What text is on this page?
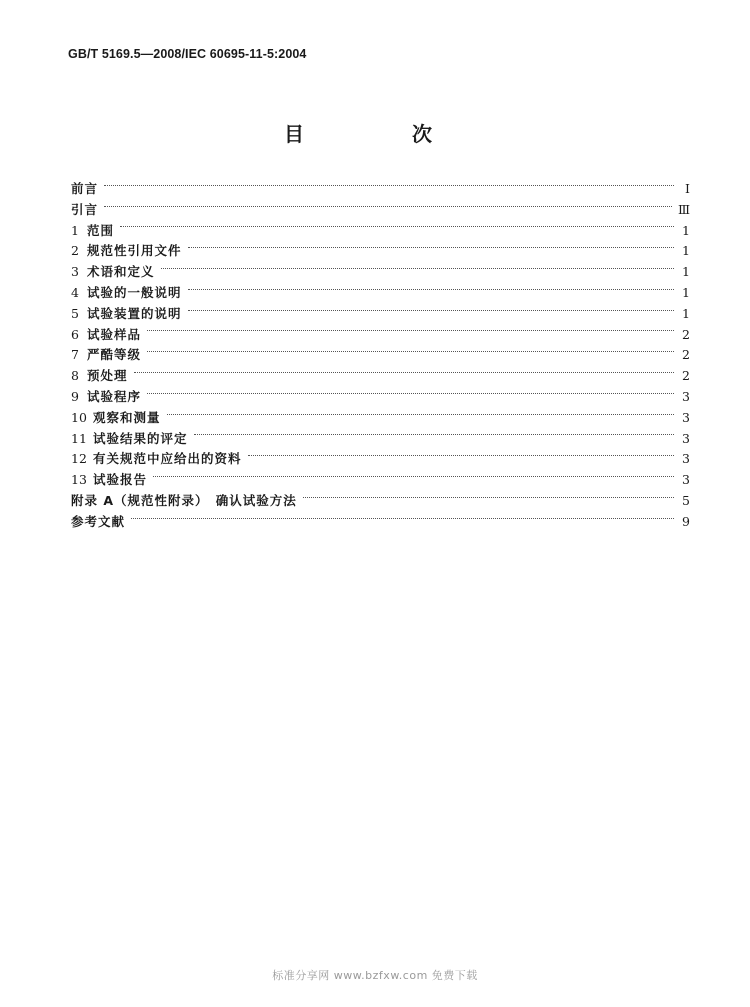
GB/T 5169.5—2008/IEC 60695-11-5:2004
目　次
前言	Ⅰ
引言	Ⅲ
1 范围	1
2 规范性引用文件	1
3 术语和定义	1
4 试验的一般说明	1
5 试验装置的说明	1
6 试验样品	2
7 严酷等级	2
8 预处理	2
9 试验程序	3
10 观察和测量	3
11 试验结果的评定	3
12 有关规范中应给出的资料	3
13 试验报告	3
附录 A（规范性附录）　确认试验方法	5
参考文献	9
标准分享网 www.bzfxw.com 免费下载
